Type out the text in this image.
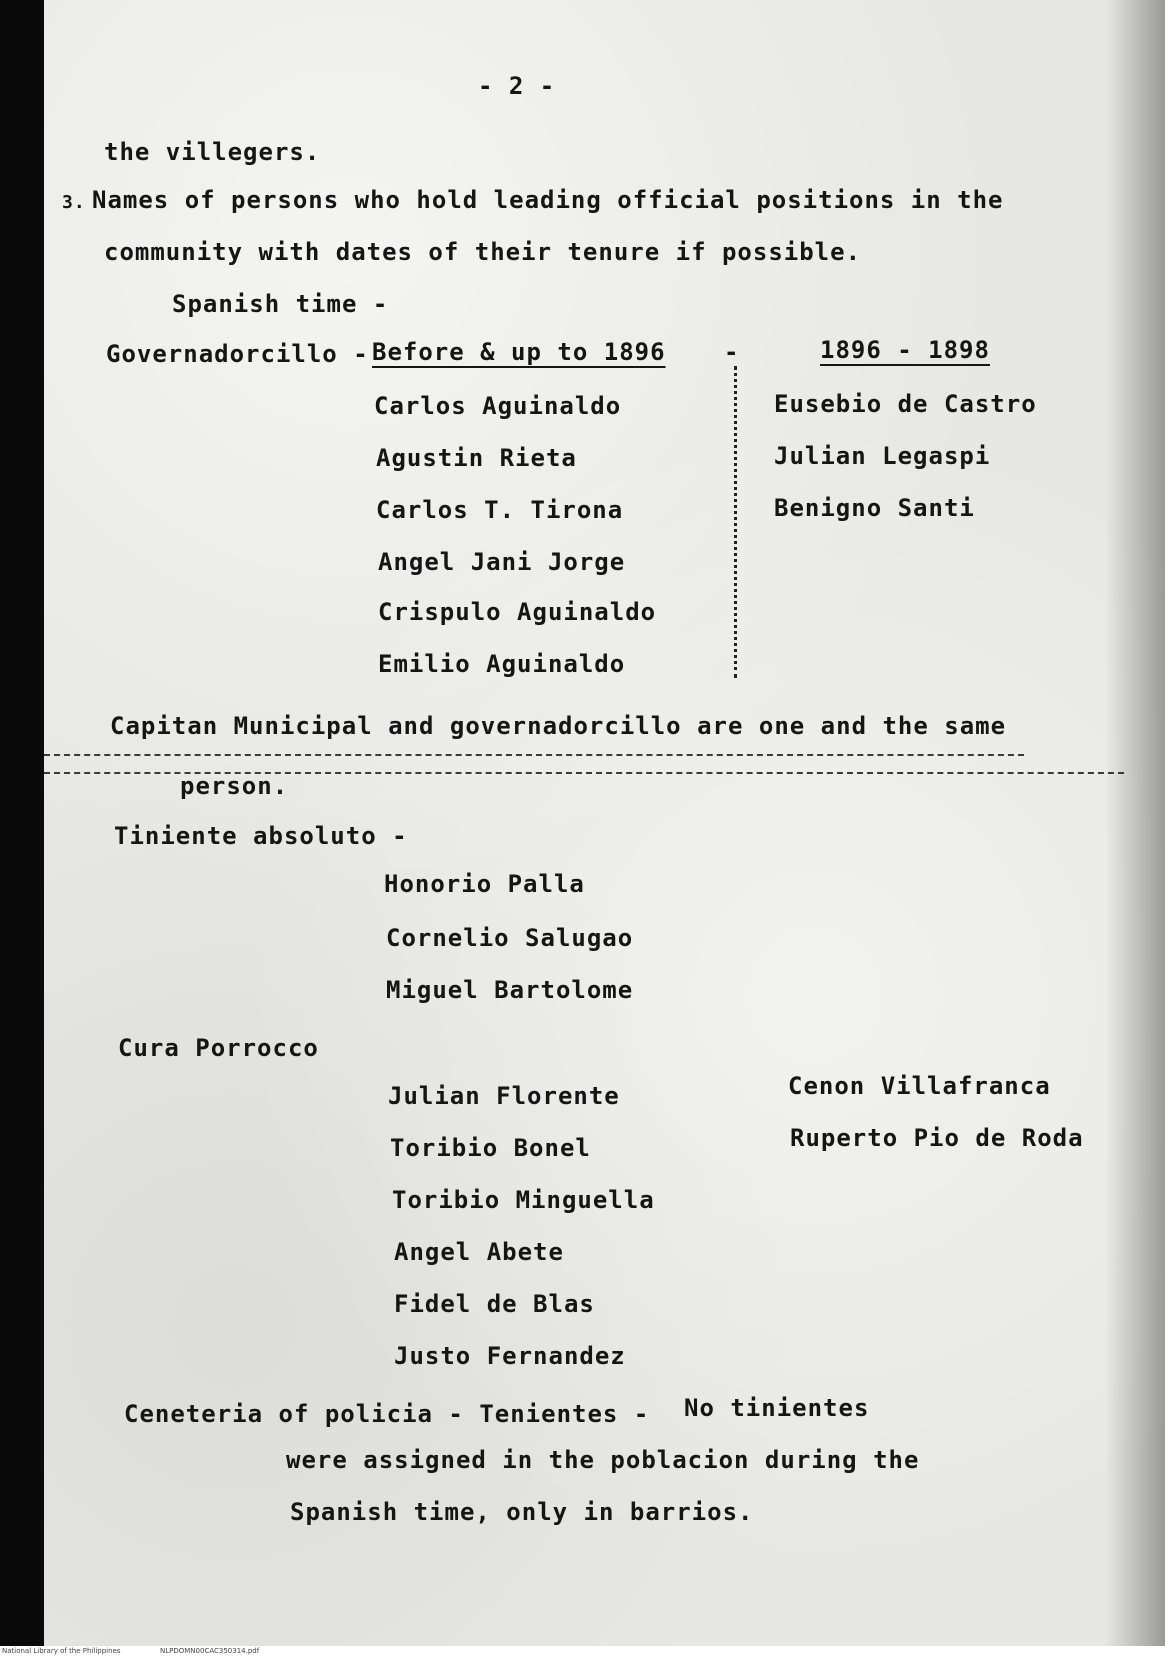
- 2 -
the villegers.
3. Names of persons who hold leading official positions in the
community with dates of their tenure if possible.
Spanish time -
Governadorcillo - Before & up to 1896 -	1896 - 1898
Carlos Aguinaldo
Agustin Rieta
Carlos T. Tirona
Angel Jani Jorge
Crispulo Aguinaldo
Emilio Aguinaldo
Eusebio de Castro
Julian Legaspi
Benigno Santi
Capitan Municipal and governadorcillo are one and the same
person.
Tiniente absoluto -
Honorio Palla
Cornelio Salugao
Miguel Bartolome
Cura Porrocco
Julian Florente
Toribio Bonel
Toribio Minguella
Angel Abete
Fidel de Blas
Justo Fernandez
Cenon Villafranca
Ruperto Pio de Roda
Ceneteria of policia - Tenientes - No tinientes
were assigned in the poblacion during the
Spanish time, only in barrios.
National Library of the Philippines	NLPDOMN00CAC350314.pdf
